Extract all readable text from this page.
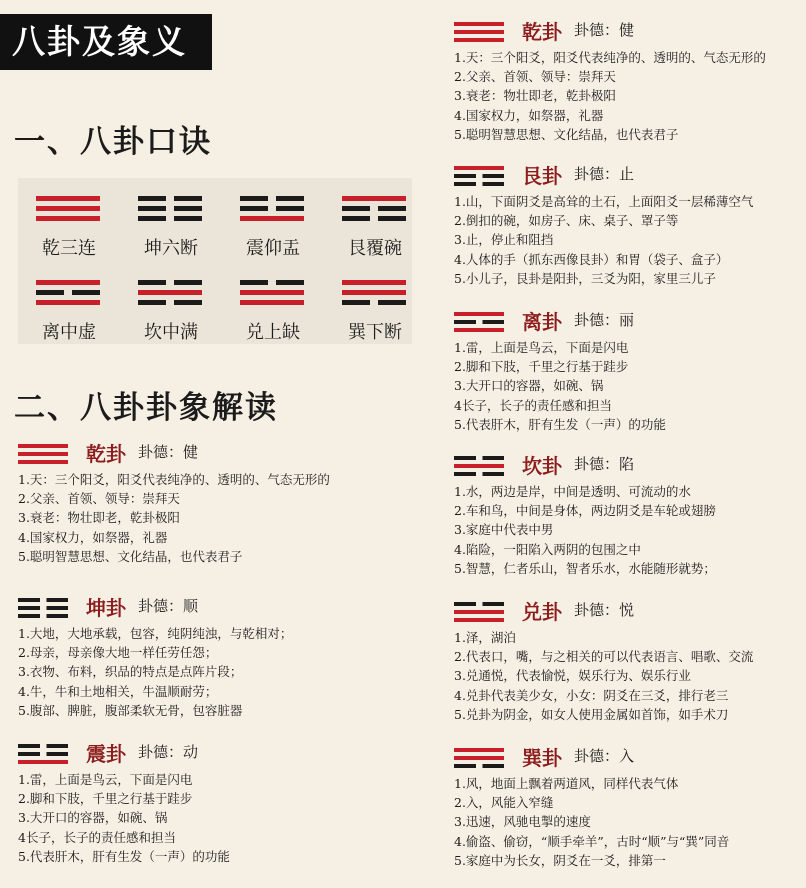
八卦及象义
一、八卦口诀
乾三连	坤六断	震仰盂	艮覆碗
离中虚	坎中满	兑上缺	巽下断
二、八卦卦象解读
乾卦 卦德：健
1.天：三个阳爻，阳爻代表纯净的、透明的、气态无形的
2.父亲、首领、领导：崇拜天
3.衰老：物壮即老，乾卦极阳
4.国家权力，如祭器，礼器
5.聪明智慧思想、文化结晶，也代表君子
坤卦 卦德：顺
1.大地，大地承载，包容，纯阴纯浊，与乾相对；
2.母亲，母亲像大地一样任劳任怨；
3.衣物、布料，织品的特点是点阵片段；
4.牛，牛和土地相关，牛温顺耐劳；
5.腹部、脾脏，腹部柔软无骨，包容脏器
震卦 卦德：动
1.雷，上面是鸟云，下面是闪电
2.脚和下肢，千里之行基于跬步
3.大开口的容器，如碗、锅
4长子，长子的责任感和担当
5.代表肝木，肝有生发（一声）的功能
乾卦 卦德：健
1.天：三个阳爻，阳爻代表纯净的、透明的、气态无形的
2.父亲、首领、领导：崇拜天
3.衰老：物壮即老，乾卦极阳
4.国家权力，如祭器，礼器
5.聪明智慧思想、文化结晶，也代表君子
艮卦 卦德：止
1.山，下面阴爻是高耸的土石，上面阳爻一层稀薄空气
2.倒扣的碗，如房子、床、桌子、罩子等
3.止，停止和阻挡
4.人体的手（抓东西像艮卦）和胃（袋子、盒子）
5.小儿子，艮卦是阳卦，三爻为阳，家里三儿子
离卦 卦德：丽
1.雷，上面是鸟云，下面是闪电
2.脚和下肢，千里之行基于跬步
3.大开口的容器，如碗、锅
4长子，长子的责任感和担当
5.代表肝木，肝有生发（一声）的功能
坎卦 卦德：陷
1.水，两边是岸，中间是透明、可流动的水
2.车和鸟，中间是身体，两边阴爻是车轮或翅膀
3.家庭中代表中男
4.陷险，一阳陷入两阴的包围之中
5.智慧，仁者乐山，智者乐水，水能随形就势；
兑卦 卦德：悦
1.泽，湖泊
2.代表口，嘴，与之相关的可以代表语言、唱歌、交流
3.兑通悦，代表愉悦，娱乐行为、娱乐行业
4.兑卦代表美少女，小女：阴爻在三爻，排行老三
5.兑卦为阴金，如女人使用金属如首饰，如手术刀
巽卦 卦德：入
1.风，地面上飘着两道风，同样代表气体
2.入，风能入窄缝
3.迅速，风驰电掣的速度
4.偷盗、偷窃，“顺手牵羊”，古时“顺”与“巽”同音
5.家庭中为长女，阴爻在一爻，排第一
